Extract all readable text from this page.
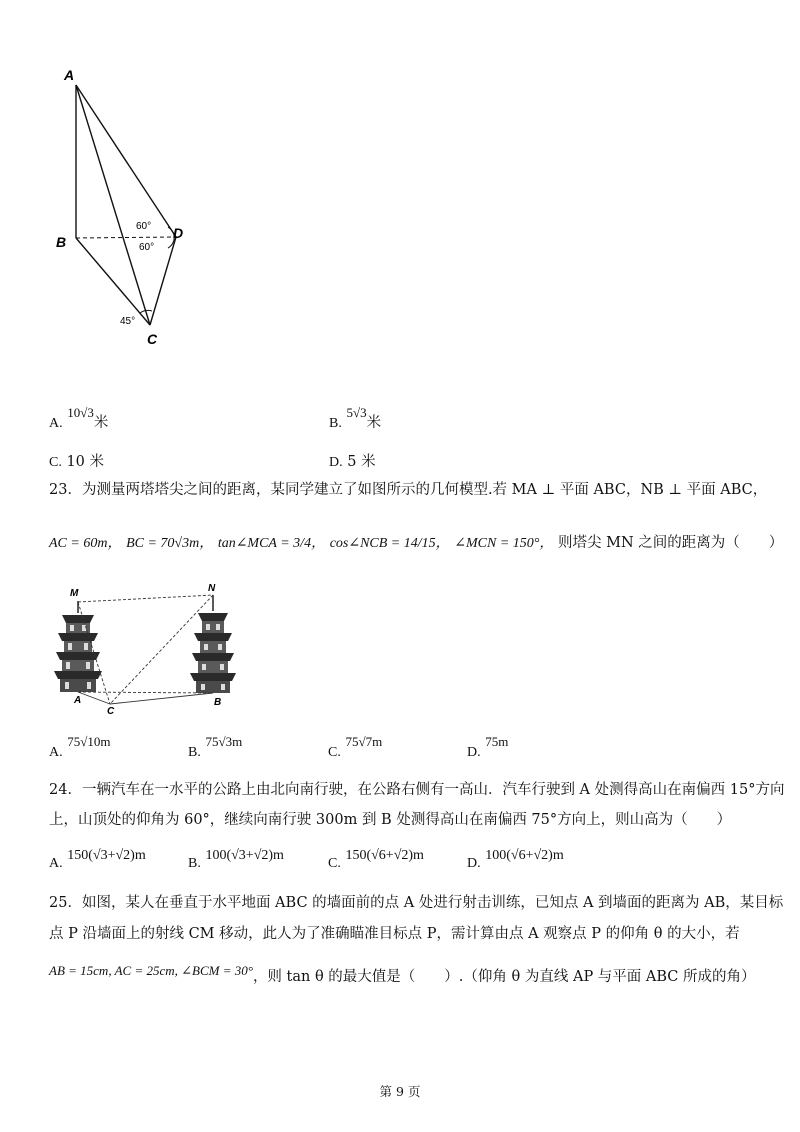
A
B
C
D
60°
60°
45°
A. 10√3米	B. 5√3米
C. 10 米	D. 5 米
23．为测量两塔塔尖之间的距离，某同学建立了如图所示的几何模型.若 MA ⊥ 平面 ABC，NB ⊥ 平面 ABC，
AC = 60m， BC = 70√3m， tan∠MCA = 3/4， cos∠NCB = 14/15， ∠MCN = 150°， 则塔尖 MN 之间的距离为（　　）
M	N
A	B
C
A. 75√10m
B. 75√3m
C. 75√7m
D. 75m
24．一辆汽车在一水平的公路上由北向南行驶，在公路右侧有一高山．汽车行驶到 A 处测得高山在南偏西 15°方向
上，山顶处的仰角为 60°，继续向南行驶 300m 到 B 处测得高山在南偏西 75°方向上，则山高为（　　）
A. 150(√3+√2)m
B. 100(√3+√2)m
C. 150(√6+√2)m
D. 100(√6+√2)m
25．如图，某人在垂直于水平地面 ABC 的墙面前的点 A 处进行射击训练，已知点 A 到墙面的距离为 AB，某目标
点 P 沿墙面上的射线 CM 移动，此人为了准确瞄准目标点 P，需计算由点 A 观察点 P 的仰角 θ 的大小，若
AB = 15cm, AC = 25cm, ∠BCM = 30°，则 tan θ 的最大值是（　　）.（仰角 θ 为直线 AP 与平面 ABC 所成的角）
第 9 页
